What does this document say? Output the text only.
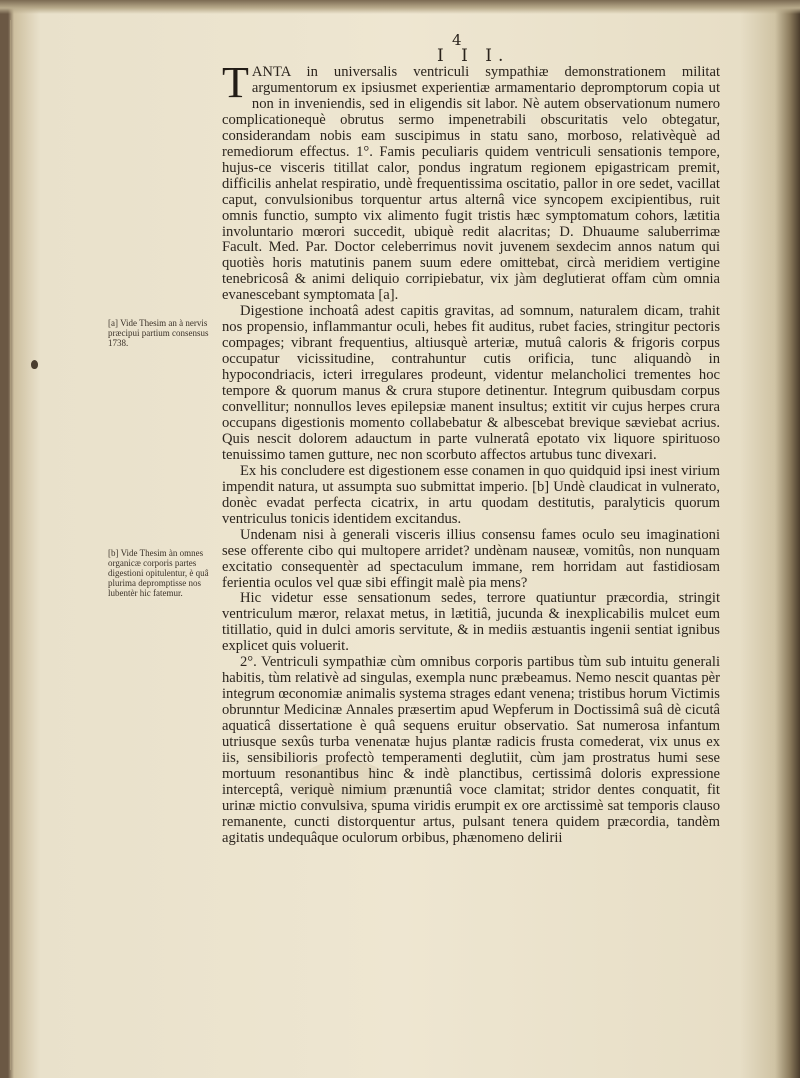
4
I I I.

TANTA in universalis ventriculi sympathiæ demonstrationem militat argumentorum ex ipsiusmet experientiæ armamentario depromptorum copia ut non in inveniendis, sed in eligendis sit labor. Nè autem observationum numero complicationequè obrutus sermo impenetrabili obscuritatis velo obtegatur, considerandam nobis eam suscipimus in statu sano, morboso, relativèquè ad remediorum effectus. 1°. Famis peculiaris quidem ventriculi sensationis tempore, hujus-ce visceris titillat calor, pondus ingratum regionem epigastricam premit, difficilis anhelat respiratio, undè frequentissima oscitatio, pallor in ore sedet, vacillat caput, convulsionibus torquentur artus alternâ vice syncopem excipientibus, ruit omnis functio, sumpto vix alimento fugit tristis hæc symptomatum cohors, lætitia involuntario mœrori succedit, ubiquè redit alacritas; D. Dhuaume saluberrimæ Facult. Med. Par. Doctor celeberrimus novit juvenem sexdecim annos natum qui quotiès horis matutinis panem suum edere omittebat, circà meridiem vertigine tenebricosâ & animi deliquio corripiebatur, vix jàm deglutierat offam cùm omnia evanescebant symptomata [a].

Digestione inchoatâ adest capitis gravitas, ad somnum, naturalem dicam, trahit nos propensio, inflammantur oculi, hebes fit auditus, rubet facies, stringitur pectoris compages; vibrant frequentius, altiusquè arteriæ, mutuâ caloris & frigoris corpus occupatur vicissitudine, contrahuntur cutis orificia, tunc aliquandò in hypocondriacis, icteri irregulares prodeunt, videntur melancholici trementes hoc tempore & quorum manus & crura stupore detinentur. Integrum quibusdam corpus convellitur; nonnullos leves epilepsiæ manent insultus; extitit vir cujus herpes crura occupans digestionis momento collabebatur & albescebat brevique sæviebat acrius. Quis nescit dolorem adauctum in parte vulneratâ epotato vix liquore spirituoso tenuissimo tamen gutture, nec non scorbuto affectos artubus tunc divexari.

Ex his concludere est digestionem esse conamen in quo quidquid ipsi inest virium impendit natura, ut assumpta suo submittat imperio. [b] Undè claudicat in vulnerato, donèc evadat perfecta cicatrix, in artu quodam destitutis, paralyticis quorum ventriculus tonicis identidem excitandus.

Undenam nisi à generali visceris illius consensu fames oculo seu imaginationi sese offerente cibo qui multopere arridet? undènam nauseæ, vomitûs, non nunquam excitatio consequentèr ad spectaculum immane, rem horridam aut fastidiosam ferientia oculos vel quæ sibi effingit malè pia mens?

Hic videtur esse sensationum sedes, terrore quatiuntur præcordia, stringit ventriculum mæror, relaxat metus, in lætitiâ, jucunda & inexplicabilis mulcet eum titillatio, quid in dulci amoris servitute, & in mediis æstuantis ingenii sentiat ignibus explicet quis voluerit.

2°. Ventriculi sympathiæ cùm omnibus corporis partibus tùm sub intuitu generali habitis, tùm relativè ad singulas, exempla nunc præbeamus. Nemo nescit quantas pèr integrum œconomiæ animalis systema strages edant venena; tristibus horum Victimis obrunntur Medicinæ Annales præsertim apud Wepferum in Doctissimâ suâ dè cicutâ aquaticâ dissertatione è quâ sequens eruitur observatio. Sat numerosa infantum utriusque sexûs turba venenatæ hujus plantæ radicis frusta comederat, vix unus ex iis, sensibilioris profectò temperamenti deglutiit, cùm jam prostratus humi sese mortuum resonantibus hinc & indè planctibus, certissimâ doloris expressione interceptâ, veriquè nimium prænuntiâ voce clamitat; stridor dentes conquatit, fit urinæ mictio convulsiva, spuma viridis erumpit ex ore arctissimè sat temporis clauso remanente, cuncti distorquentur artus, pulsant tenera quidem præcordia, tandèm agitatis undequâque oculorum orbibus, phænomeno delirii

[a] Vide Thesim an à nervis præcipui partium consensus 1738.
[b] Vide Thesim àn omnes organicæ corporis partes digestioni opitulentur, è quâ plurima depromptisse nos lubentèr hic fatemur.
